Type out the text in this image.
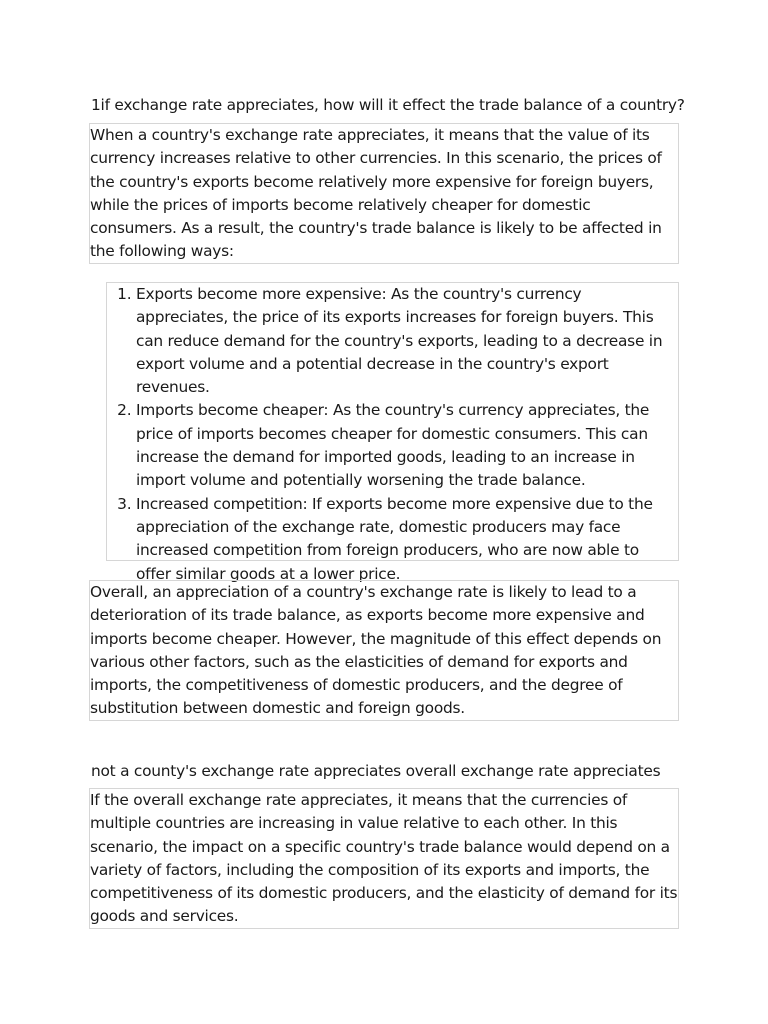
1if exchange rate appreciates, how will it effect the trade balance of a country?

When a country's exchange rate appreciates, it means that the value of its currency increases relative to other currencies. In this scenario, the prices of the country's exports become relatively more expensive for foreign buyers, while the prices of imports become relatively cheaper for domestic consumers. As a result, the country's trade balance is likely to be affected in the following ways:

1. Exports become more expensive: As the country's currency appreciates, the price of its exports increases for foreign buyers. This can reduce demand for the country's exports, leading to a decrease in export volume and a potential decrease in the country's export revenues.
2. Imports become cheaper: As the country's currency appreciates, the price of imports becomes cheaper for domestic consumers. This can increase the demand for imported goods, leading to an increase in import volume and potentially worsening the trade balance.
3. Increased competition: If exports become more expensive due to the appreciation of the exchange rate, domestic producers may face increased competition from foreign producers, who are now able to offer similar goods at a lower price.

Overall, an appreciation of a country's exchange rate is likely to lead to a deterioration of its trade balance, as exports become more expensive and imports become cheaper. However, the magnitude of this effect depends on various other factors, such as the elasticities of demand for exports and imports, the competitiveness of domestic producers, and the degree of substitution between domestic and foreign goods.

not a county's exchange rate appreciates overall exchange rate appreciates

If the overall exchange rate appreciates, it means that the currencies of multiple countries are increasing in value relative to each other. In this scenario, the impact on a specific country's trade balance would depend on a variety of factors, including the composition of its exports and imports, the competitiveness of its domestic producers, and the elasticity of demand for its goods and services.
